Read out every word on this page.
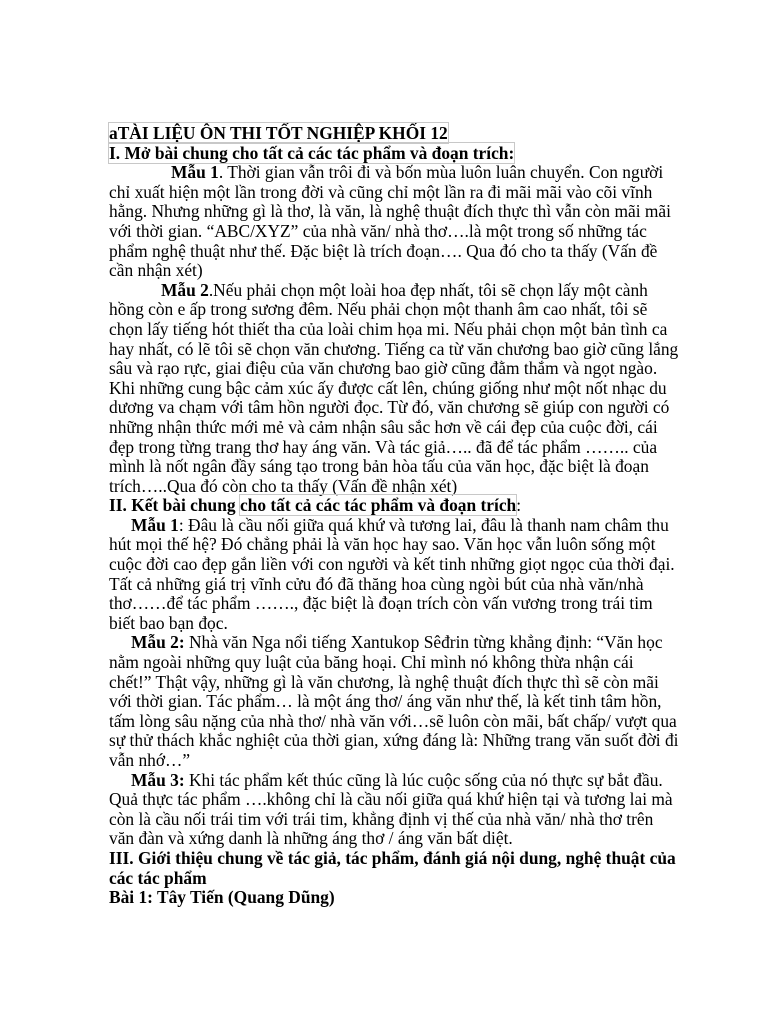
aTÀI LIỆU ÔN THI TỐT NGHIỆP KHỐI 12

I. Mở bài chung cho tất cả các tác phẩm và đoạn trích:

Mẫu 1. Thời gian vẫn trôi đi và bốn mùa luôn luân chuyển. Con người chỉ xuất hiện một lần trong đời và cũng chỉ một lần ra đi mãi mãi vào cõi vĩnh hằng. Nhưng những gì là thơ, là văn, là nghệ thuật đích thực thì vẫn còn mãi mãi với thời gian. “ABC/XYZ” của nhà văn/ nhà thơ….là một trong số những tác phẩm nghệ thuật như thế. Đặc biệt là trích đoạn…. Qua đó cho ta thấy (Vấn đề cần nhận xét)

Mẫu 2.Nếu phải chọn một loài hoa đẹp nhất, tôi sẽ chọn lấy một cành hồng còn e ấp trong sương đêm. Nếu phải chọn một thanh âm cao nhất, tôi sẽ chọn lấy tiếng hót thiết tha của loài chim họa mi. Nếu phải chọn một bản tình ca hay nhất, có lẽ tôi sẽ chọn văn chương. Tiếng ca từ văn chương bao giờ cũng lắng sâu và rạo rực, giai điệu của văn chương bao giờ cũng đằm thắm và ngọt ngào. Khi những cung bậc cảm xúc ấy được cất lên, chúng giống như một nốt nhạc du dương va chạm với tâm hồn người đọc. Từ đó, văn chương sẽ giúp con người có những nhận thức mới mẻ và cảm nhận sâu sắc hơn về cái đẹp của cuộc đời, cái đẹp trong từng trang thơ hay áng văn. Và tác giả….. đã để tác phẩm …….. của mình là nốt ngân đầy sáng tạo trong bản hòa tấu của văn học, đặc biệt là đoạn trích…..Qua đó còn cho ta thấy (Vấn đề nhận xét)

II. Kết bài chung cho tất cả các tác phẩm và đoạn trích:

Mẫu 1: Đâu là cầu nối giữa quá khứ và tương lai, đâu là thanh nam châm thu hút mọi thế hệ? Đó chẳng phải là văn học hay sao. Văn học vẫn luôn sống một cuộc đời cao đẹp gắn liền với con người và kết tinh những giọt ngọc của thời đại. Tất cả những giá trị vĩnh cửu đó đã thăng hoa cùng ngòi bút của nhà văn/nhà thơ……để tác phẩm ……., đặc biệt là đoạn trích còn vấn vương trong trái tim biết bao bạn đọc.

Mẫu 2: Nhà văn Nga nổi tiếng Xantukop Sêđrin từng khẳng định: “Văn học nằm ngoài những quy luật của băng hoại. Chỉ mình nó không thừa nhận cái chết!” Thật vậy, những gì là văn chương, là nghệ thuật đích thực thì sẽ còn mãi với thời gian. Tác phẩm… là một áng thơ/ áng văn như thế, là kết tinh tâm hồn, tấm lòng sâu nặng của nhà thơ/ nhà văn với…sẽ luôn còn mãi, bất chấp/ vượt qua sự thử thách khắc nghiệt của thời gian, xứng đáng là: Những trang văn suốt đời đi vẫn nhớ…”

Mẫu 3: Khi tác phẩm kết thúc cũng là lúc cuộc sống của nó thực sự bắt đầu. Quả thực tác phẩm ….không chỉ là cầu nối giữa quá khứ hiện tại và tương lai mà còn là cầu nối trái tim với trái tim, khẳng định vị thế của nhà văn/ nhà thơ trên văn đàn và xứng danh là những áng thơ / áng văn bất diệt.

III. Giới thiệu chung về tác giả, tác phẩm, đánh giá nội dung, nghệ thuật của các tác phẩm

Bài 1: Tây Tiến (Quang Dũng)
